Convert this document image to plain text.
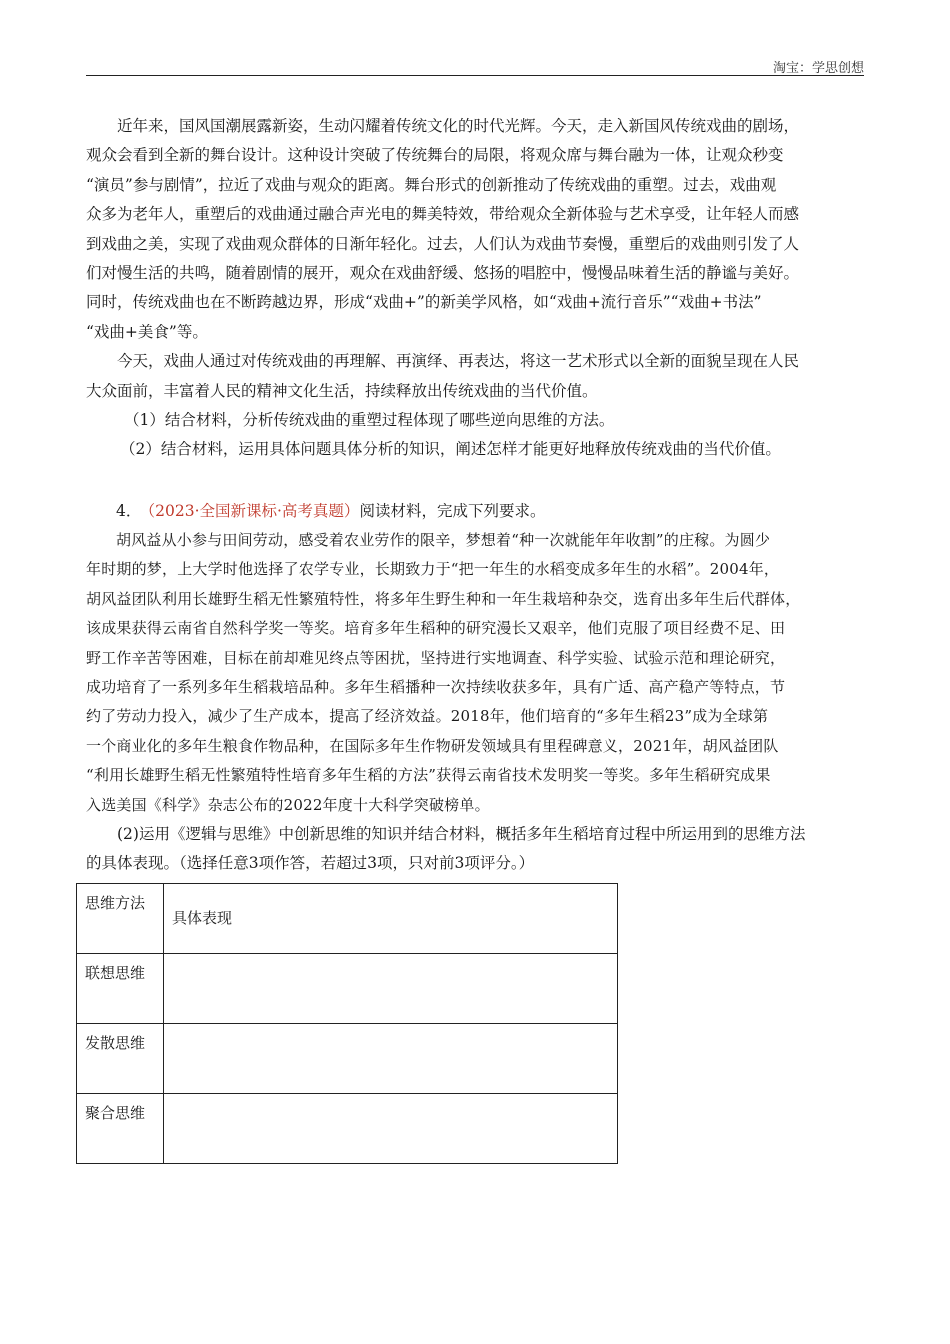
淘宝：学思创想

近年来，国风国潮展露新姿，生动闪耀着传统文化的时代光辉。今天，走入新国风传统戏曲的剧场，
观众会看到全新的舞台设计。这种设计突破了传统舞台的局限，将观众席与舞台融为一体，让观众秒变
“演员”参与剧情”，拉近了戏曲与观众的距离。舞台形式的创新推动了传统戏曲的重塑。过去，戏曲观
众多为老年人，重塑后的戏曲通过融合声光电的舞美特效，带给观众全新体验与艺术享受，让年轻人而感
到戏曲之美，实现了戏曲观众群体的日渐年轻化。过去，人们认为戏曲节奏慢，重塑后的戏曲则引发了人
们对慢生活的共鸣，随着剧情的展开，观众在戏曲舒缓、悠扬的唱腔中，慢慢品味着生活的静谧与美好。
同时，传统戏曲也在不断跨越边界，形成“戏曲+”的新美学风格，如“戏曲+流行音乐”“戏曲+书法”
“戏曲+美食”等。

今天，戏曲人通过对传统戏曲的再理解、再演绎、再表达，将这一艺术形式以全新的面貌呈现在人民
大众面前，丰富着人民的精神文化生活，持续释放出传统戏曲的当代价值。

（1）结合材料，分析传统戏曲的重塑过程体现了哪些逆向思维的方法。

（2）结合材料，运用具体问题具体分析的知识，阐述怎样才能更好地释放传统戏曲的当代价值。

4． （2023·全国新课标·高考真题）阅读材料，完成下列要求。

胡风益从小参与田间劳动，感受着农业劳作的限辛，梦想着“种一次就能年年收割”的庄稼。为圆少
年时期的梦，上大学时他选择了农学专业，长期致力于“把一年生的水稻变成多年生的水稻”。2004年，
胡风益团队利用长雄野生稻无性繁殖特性，将多年生野生种和一年生栽培种杂交，选育出多年生后代群体，
该成果获得云南省自然科学奖一等奖。培育多年生稻种的研究漫长又艰辛，他们克服了项目经费不足、田
野工作辛苦等困难，目标在前却难见终点等困扰，坚持进行实地调查、科学实验、试验示范和理论研究，
成功培育了一系列多年生稻栽培品种。多年生稻播种一次持续收获多年，具有广适、高产稳产等特点，节
约了劳动力投入，减少了生产成本，提高了经济效益。2018年，他们培育的“多年生稻23”成为全球第
一个商业化的多年生粮食作物品种，在国际多年生作物研发领域具有里程碑意义，2021年，胡风益团队
“利用长雄野生稻无性繁殖特性培育多年生稻的方法”获得云南省技术发明奖一等奖。多年生稻研究成果
入选美国《科学》杂志公布的2022年度十大科学突破榜单。
(2)运用《逻辑与思维》中创新思维的知识并结合材料，概括多年生稻培育过程中所运用到的思维方法
的具体表现。（选择任意3项作答，若超过3项，只对前3项评分。）
思维方法	具体表现
联想思维	
发散思维	
聚合思维	
